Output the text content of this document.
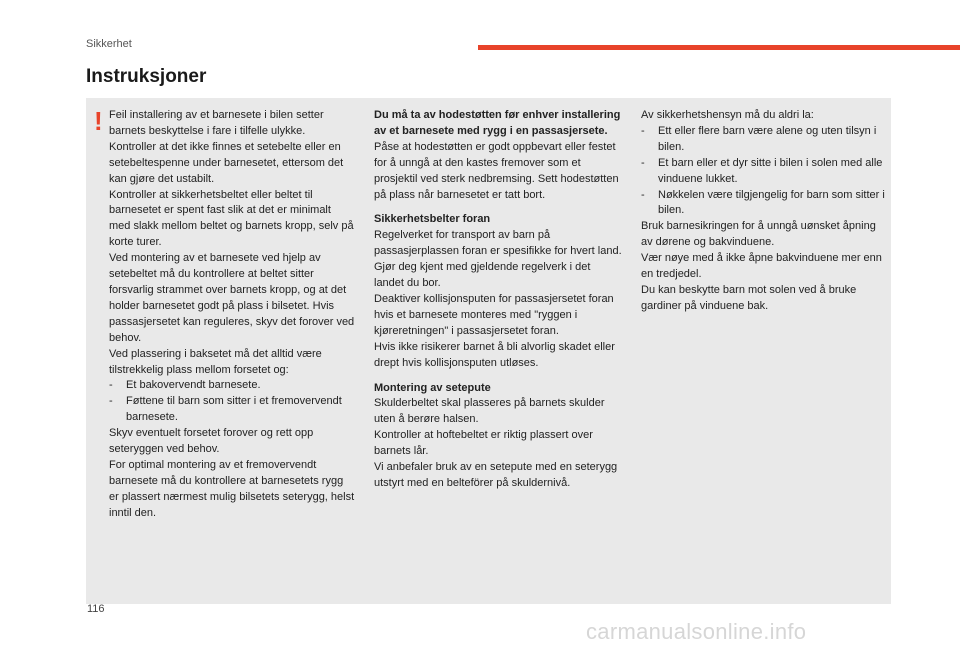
Sikkerhet
Instruksjoner
! Feil installering av et barnesete i bilen setter barnets beskyttelse i fare i tilfelle ulykke.

Kontroller at det ikke finnes et setebelte eller en setebeltespenne under barnesetet, ettersom det kan gjøre det ustabilt.

Kontroller at sikkerhetsbeltet eller beltet til barnesetet er spent fast slik at det er minimalt med slakk mellom beltet og barnets kropp, selv på korte turer.

Ved montering av et barnesete ved hjelp av setebeltet må du kontrollere at beltet sitter forsvarlig strammet over barnets kropp, og at det holder barnesetet godt på plass i bilsetet. Hvis passasjersetet kan reguleres, skyv det forover ved behov.

Ved plassering i baksetet må det alltid være tilstrekkelig plass mellom forsetet og:

- Et bakovervendt barnesete.
- Føttene til barn som sitter i et fremovervendt barnesete.

Skyv eventuelt forsetet forover og rett opp seteryggen ved behov.

For optimal montering av et fremovervendt barnesete må du kontrollere at barnesetets rygg er plassert nærmest mulig bilsetets seterygg, helst inntil den.

Du må ta av hodestøtten før enhver installering av et barnesete med rygg i en passasjersete.

Påse at hodestøtten er godt oppbevart eller festet for å unngå at den kastes fremover som et prosjektil ved sterk nedbremsing. Sett hodestøtten på plass når barnesetet er tatt bort.

Sikkerhetsbelter foran

Regelverket for transport av barn på passasjerplassen foran er spesifikke for hvert land. Gjør deg kjent med gjeldende regelverk i det landet du bor.

Deaktiver kollisjonsputen for passasjersetet foran hvis et barnesete monteres med "ryggen i kjøreretningen" i passasjersetet foran.

Hvis ikke risikerer barnet å bli alvorlig skadet eller drept hvis kollisjonsputen utløses.

Montering av setepute

Skulderbeltet skal plasseres på barnets skulder uten å berøre halsen.

Kontroller at hoftebeltet er riktig plassert over barnets lår.

Vi anbefaler bruk av en setepute med en seterygg utstyrt med en belteförer på skuldernivå.

Av sikkerhetshensyn må du aldri la:

- Ett eller flere barn være alene og uten tilsyn i bilen.
- Et barn eller et dyr sitte i bilen i solen med alle vinduene lukket.
- Nøkkelen være tilgjengelig for barn som sitter i bilen.

Bruk barnesikringen for å unngå uønsket åpning av dørene og bakvinduene.

Vær nøye med å ikke åpne bakvinduene mer enn en tredjedel.

Du kan beskytte barn mot solen ved å bruke gardiner på vinduene bak.

116
carmanualsonline.info
